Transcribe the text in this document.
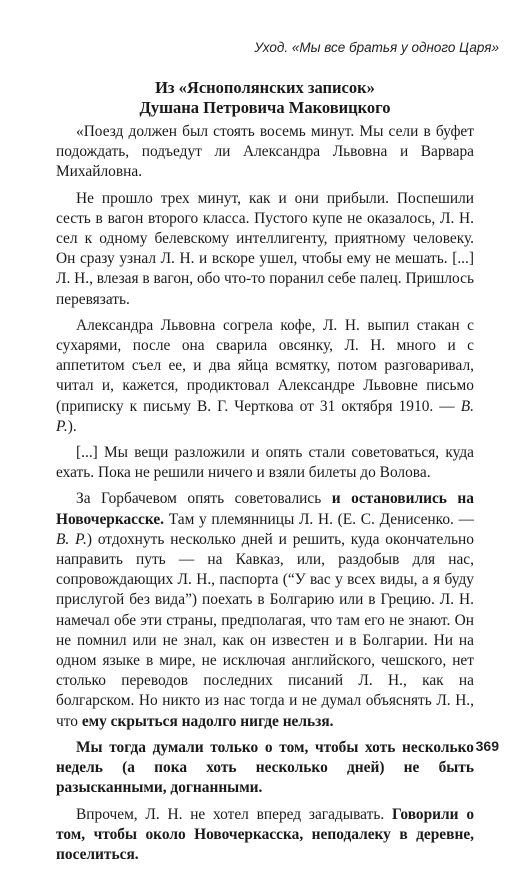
Уход. «Мы все братья у одного Царя»
Из «Яснополянских записок»
Душана Петровича Маковицкого

«Поезд должен был стоять восемь минут. Мы сели в буфет подождать, подъедут ли Александра Львовна и Варвара Михайловна.

Не прошло трех минут, как и они прибыли. Поспешили сесть в вагон второго класса. Пустого купе не оказалось, Л. Н. сел к одному белевскому интеллигенту, приятному человеку. Он сразу узнал Л. Н. и вскоре ушел, чтобы ему не мешать. [...] Л. Н., влезая в вагон, обо что-то поранил себе палец. Пришлось перевязать.

Александра Львовна согрела кофе, Л. Н. выпил стакан с сухарями, после она сварила овсянку, Л. Н. много и с аппетитом съел ее, и два яйца всмятку, потом разговаривал, читал и, кажется, продиктовал Александре Львовне письмо (приписку к письму В. Г. Черткова от 31 октября 1910. — В. Р.).

[...] Мы вещи разложили и опять стали советоваться, куда ехать. Пока не решили ничего и взяли билеты до Волова.

За Горбачевом опять советовались и остановились на Новочеркасске. Там у племянницы Л. Н. (Е. С. Денисенко. — В. Р.) отдохнуть несколько дней и решить, куда окончательно направить путь — на Кавказ, или, раздобыв для нас, сопровождающих Л. Н., паспорта (“У вас у всех виды, а я буду прислугой без вида”) поехать в Болгарию или в Грецию. Л. Н. намечал обе эти страны, предполагая, что там его не знают. Он не помнил или не знал, как он известен и в Болгарии. Ни на одном языке в мире, не исключая английского, чешского, нет столько переводов последних писаний Л. Н., как на болгарском. Но никто из нас тогда и не думал объяснять Л. Н., что ему скрыться надолго нигде нельзя.

Мы тогда думали только о том, чтобы хоть несколько недель (а пока хоть несколько дней) не быть разысканными, догнанными.

Впрочем, Л. Н. не хотел вперед загадывать. Говорили о том, чтобы около Новочеркасска, неподалеку в деревне, поселиться.

369
